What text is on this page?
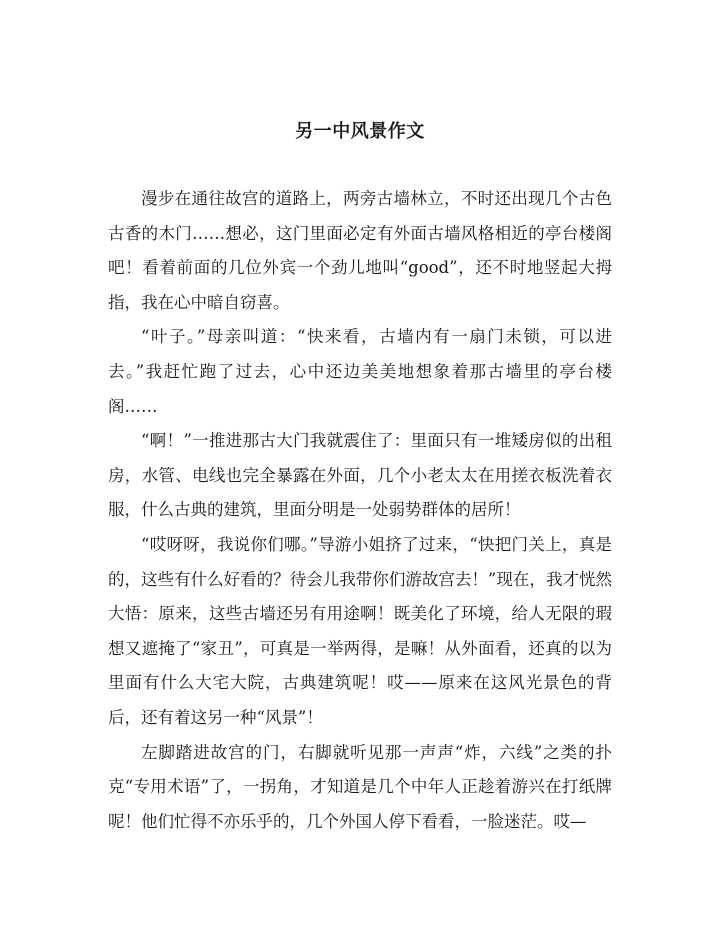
另一中风景作文

漫步在通往故宫的道路上，两旁古墙林立，不时还出现几个古色古香的木门……想必，这门里面必定有外面古墙风格相近的亭台楼阁吧！看着前面的几位外宾一个劲儿地叫“good”，还不时地竖起大拇指，我在心中暗自窃喜。

“叶子。”母亲叫道：“快来看，古墙内有一扇门未锁，可以进去。”我赶忙跑了过去，心中还边美美地想象着那古墙里的亭台楼阁……

“啊！”一推进那古大门我就震住了：里面只有一堆矮房似的出租房，水管、电线也完全暴露在外面，几个小老太太在用搓衣板洗着衣服，什么古典的建筑，里面分明是一处弱势群体的居所！

“哎呀呀，我说你们哪。”导游小姐挤了过来，“快把门关上，真是的，这些有什么好看的？待会儿我带你们游故宫去！”现在，我才恍然大悟：原来，这些古墙还另有用途啊！既美化了环境，给人无限的瑕想又遮掩了“家丑”，可真是一举两得，是嘛！从外面看，还真的以为里面有什么大宅大院，古典建筑呢！哎——原来在这风光景色的背后，还有着这另一种“风景”！

左脚踏进故宫的门，右脚就听见那一声声“炸，六线”之类的扑克“专用术语”了，一拐角，才知道是几个中年人正趁着游兴在打纸牌呢！他们忙得不亦乐乎的，几个外国人停下看看，一脸迷茫。哎—
